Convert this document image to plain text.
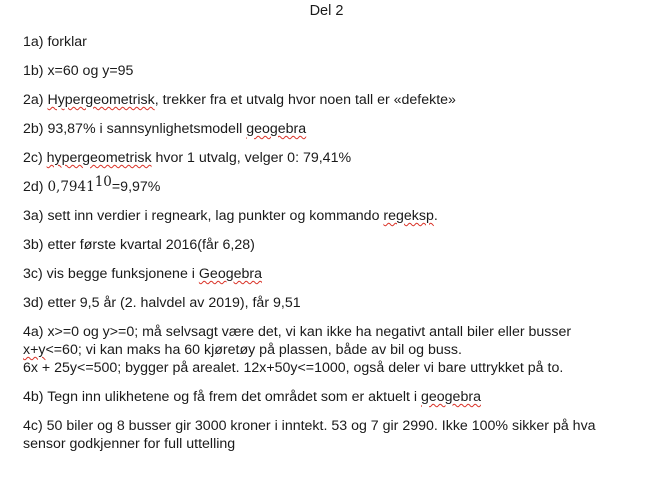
Del 2
1a) forklar
1b) x=60 og y=95
2a) Hypergeometrisk, trekker fra et utvalg hvor noen tall er «defekte»
2b) 93,87% i sannsynlighetsmodell geogebra
2c) hypergeometrisk hvor 1 utvalg, velger 0: 79,41%
2d) $0,7941^{10}=9,97\%$
3a) sett inn verdier i regneark, lag punkter og kommando regeksp.
3b) etter første kvartal 2016(får 6,28)
3c) vis begge funksjonene i Geogebra
3d) etter 9,5 år (2. halvdel av 2019), får 9,51
4a) x>=0 og y>=0; må selvsagt være det, vi kan ikke ha negativt antall biler eller busser
x+y<=60; vi kan maks ha 60 kjøretøy på plassen, både av bil og buss.
6x + 25y<=500; bygger på arealet. 12x+50y<=1000, også deler vi bare uttrykket på to.
4b) Tegn inn ulikhetene og få frem det området som er aktuelt i geogebra
4c) 50 biler og 8 busser gir 3000 kroner i inntekt. 53 og 7 gir 2990. Ikke 100% sikker på hva
sensor godkjenner for full uttelling
